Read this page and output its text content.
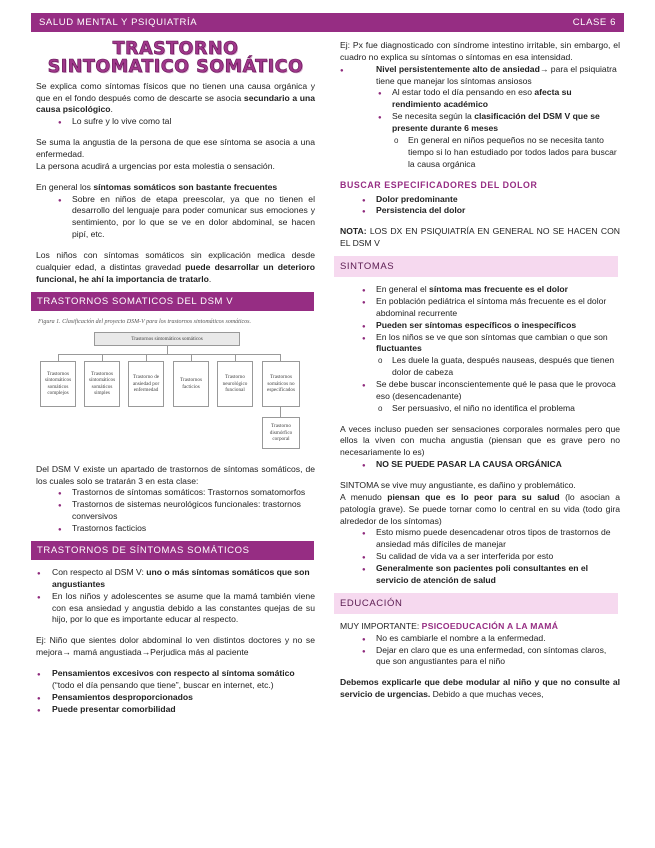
SALUD MENTAL Y PSIQUIATRÍA	CLASE 6
TRASTORNO
SINTOMATICO SOMÁTICO

Se explica como síntomas físicos que no tienen una causa orgánica y que en el fondo después como de descarte se asocia secundario a una causa psicológico.

● Lo sufre y lo vive como tal

Se suma la angustia de la persona de que ese síntoma se asocia a una enfermedad.

La persona acudirá a urgencias por esta molestia o sensación.

En general los síntomas somáticos son bastante frecuentes

● Sobre en niños de etapa preescolar, ya que no tienen el desarrollo del lenguaje para poder comunicar sus emociones y sentimiento, por lo que se ve en dolor abdominal, se hacen pipí, etc.

Los niños con síntomas somáticos sin explicación medica desde cualquier edad, a distintas gravedad puede desarrollar un deterioro funcional, he ahí la importancia de tratarlo.

TRASTORNOS SOMATICOS DEL DSM V
Figura 1. Clasificación del proyecto DSM-V para los trastornos sintomáticos somáticos.
Trastornos sintomáticos somáticos
Trastornos síntomáticos somáticos complejos
Trastornos síntomáticos somáticos simples
Trastorno de ansiedad por enfermedad
Trastornos facticios
Trastorno neurológico funcional
Trastornos somáticos no especificados
Trastorno dismórfico corporal

Del DSM V existe un apartado de trastornos de síntomas somáticos, de los cuales solo se tratarán 3 en esta clase:

● Trastornos de síntomas somáticos: Trastornos somatomorfos
● Trastornos de sistemas neurológicos funcionales: trastornos conversivos
● Trastornos facticios
TRASTORNOS DE SÍNTOMAS SOMÁTICOS
● Con respecto al DSM V: uno o más síntomas somáticos que son angustiantes
● En los niños y adolescentes se asume que la mamá también viene con esa ansiedad y angustia debido a las constantes quejas de su hijo, por lo que es importante educar al respecto.

Ej: Niño que sientes dolor abdominal lo ven distintos doctores y no se mejora→ mamá angustiada→Perjudica más al paciente

● Pensamientos excesivos con respecto al síntoma somático (“todo el día pensando que tiene”, buscar en internet, etc.)
● Pensamientos desproporcionados
● Puede presentar comorbilidad

Ej: Px fue diagnosticado con síndrome intestino irritable, sin embargo, el cuadro no explica su síntomas o síntomas en esa intensidad.

● Nivel persistentemente alto de ansiedad→ para el psiquiatra tiene que manejar los síntomas ansiosos
● Al estar todo el día pensando en eso afecta su rendimiento académico
● Se necesita según la clasificación del DSM V que se presente durante 6 meses
o En general en niños pequeños no se necesita tanto tiempo si lo han estudiado por todos lados para buscar la causa orgánica
BUSCAR ESPECIFICADORES DEL DOLOR
● Dolor predominante
● Persistencia del dolor

NOTA: LOS DX EN PSIQUIATRÍA EN GENERAL NO SE HACEN CON EL DSM V

SINTOMAS
● En general el síntoma mas frecuente es el dolor
● En población pediátrica el síntoma más frecuente es el dolor abdominal recurrente
● Pueden ser síntomas específicos o inespecíficos
● En los niños se ve que son síntomas que cambian o que son fluctuantes
o Les duele la guata, después nauseas, después que tienen dolor de cabeza
● Se debe buscar inconscientemente qué le pasa que le provoca eso (desencadenante)
o Ser persuasivo, el niño no identifica el problema

A veces incluso pueden ser sensaciones corporales normales pero que ellos la viven con mucha angustia (piensan que es grave pero no necesariamente lo es)

● NO SE PUEDE PASAR LA CAUSA ORGÁNICA

SINTOMA se vive muy angustiante, es dañino y problemático.

A menudo piensan que es lo peor para su salud (lo asocian a patología grave). Se puede tornar como lo central en su vida (todo gira alrededor de los síntomas)

● Esto mismo puede desencadenar otros tipos de trastornos de ansiedad más difíciles de manejar
● Su calidad de vida va a ser interferida por esto
● Generalmente son pacientes poli consultantes en el servicio de atención de salud
EDUCACIÓN

MUY IMPORTANTE: PSICOEDUCACIÓN A LA MAMÁ

● No es cambiarle el nombre a la enfermedad.
● Dejar en claro que es una enfermedad, con síntomas claros, que son angustiantes para el niño

Debemos explicarle que debe modular al niño y que no consulte al servicio de urgencias. Debido a que muchas veces,
